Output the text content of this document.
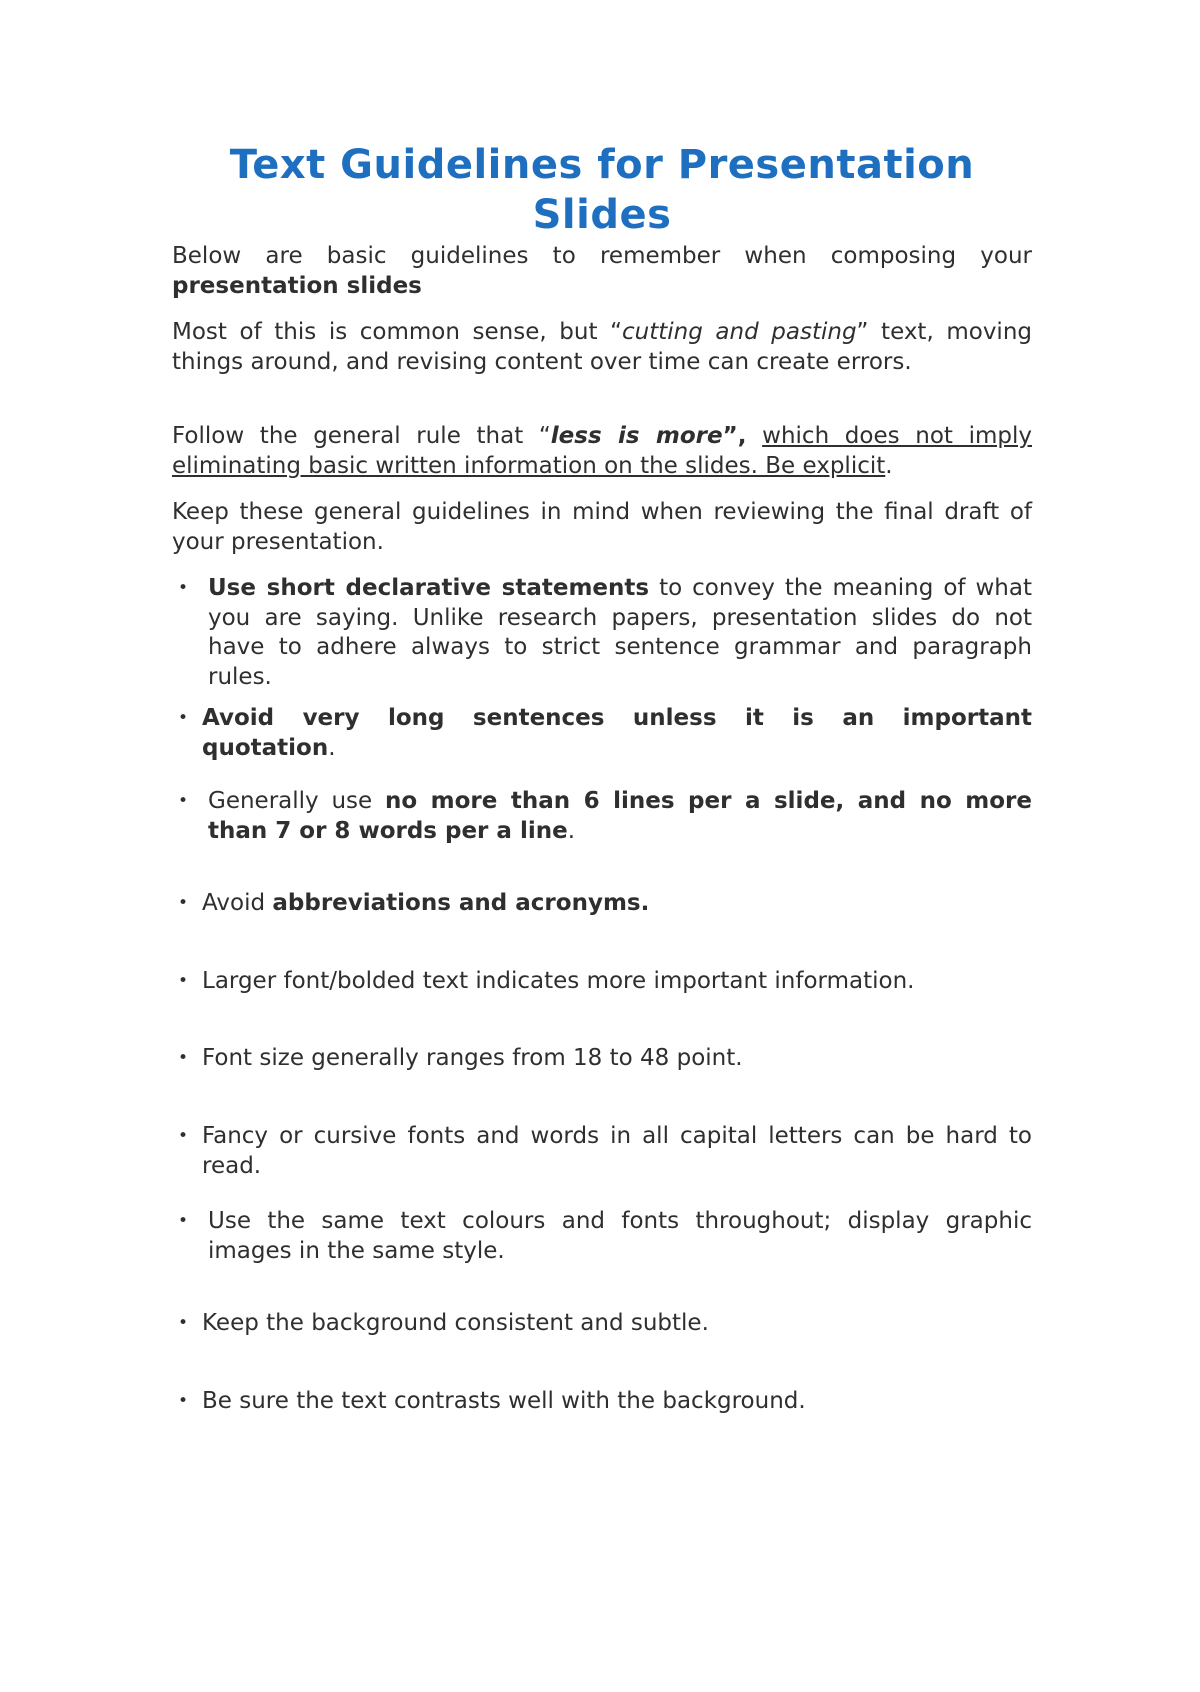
Text Guidelines for Presentation
Slides
Below are basic guidelines to remember when composing your presentation slides
Most of this is common sense, but “cutting and pasting” text, moving things around, and revising content over time can create errors.
Follow the general rule that “less is more”, which does not imply eliminating basic written information on the slides. Be explicit.
Keep these general guidelines in mind when reviewing the final draft of your presentation.
• Use short declarative statements to convey the meaning of what you are saying. Unlike research papers, presentation slides do not have to adhere always to strict sentence grammar and paragraph rules.
• Avoid very long sentences unless it is an important quotation.
• Generally use no more than 6 lines per a slide, and no more than 7 or 8 words per a line.
• Avoid abbreviations and acronyms.
• Larger font/bolded text indicates more important information.
• Font size generally ranges from 18 to 48 point.
• Fancy or cursive fonts and words in all capital letters can be hard to read.
• Use the same text colours and fonts throughout; display graphic images in the same style.
• Keep the background consistent and subtle.
• Be sure the text contrasts well with the background.
